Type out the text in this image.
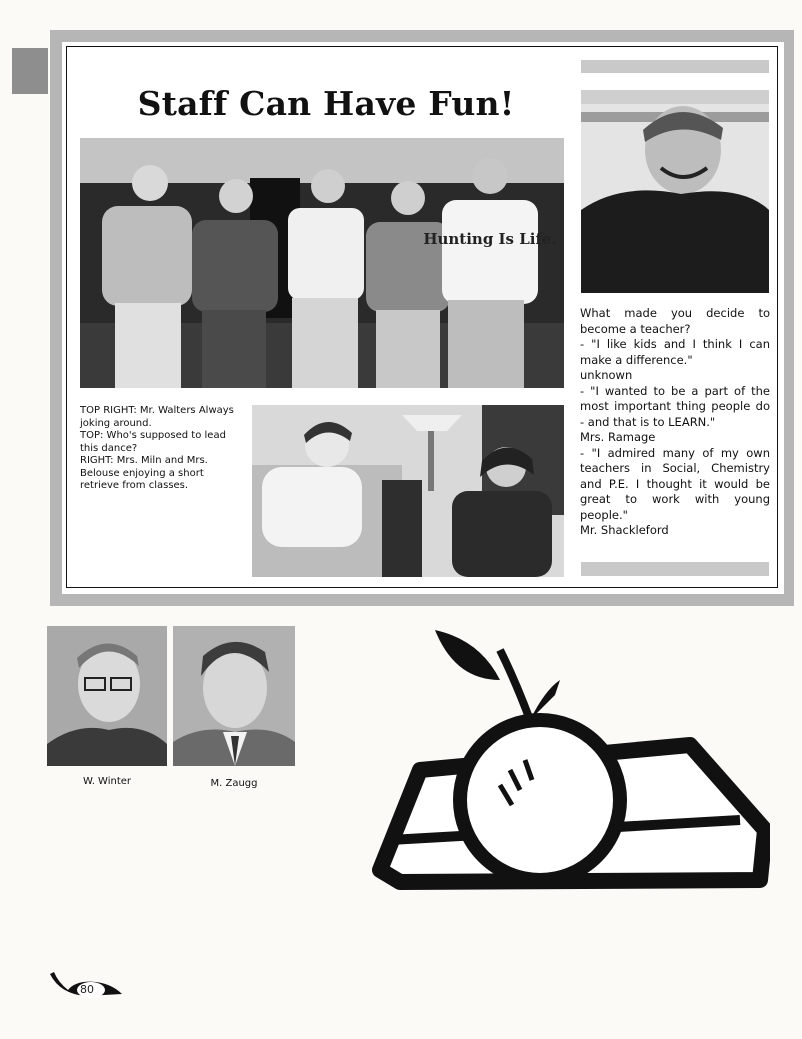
Staff Can Have Fun!
Hunting Is Life.
TOP RIGHT: Mr. Walters Always joking around.
TOP: Who's supposed to lead this dance?
RIGHT: Mrs. Miln and Mrs. Belouse enjoying a short retrieve from classes.

What made you decide to become a teacher?

- "I like kids and I think I can make a difference."

unknown

- "I wanted to be a part of the most important thing people do - and that is to LEARN."

Mrs. Ramage

- "I admired many of my own teachers in Social, Chemistry and P.E. I thought it would be great to work with young people."

Mr. Shackleford

W. Winter	M. Zaugg
80
